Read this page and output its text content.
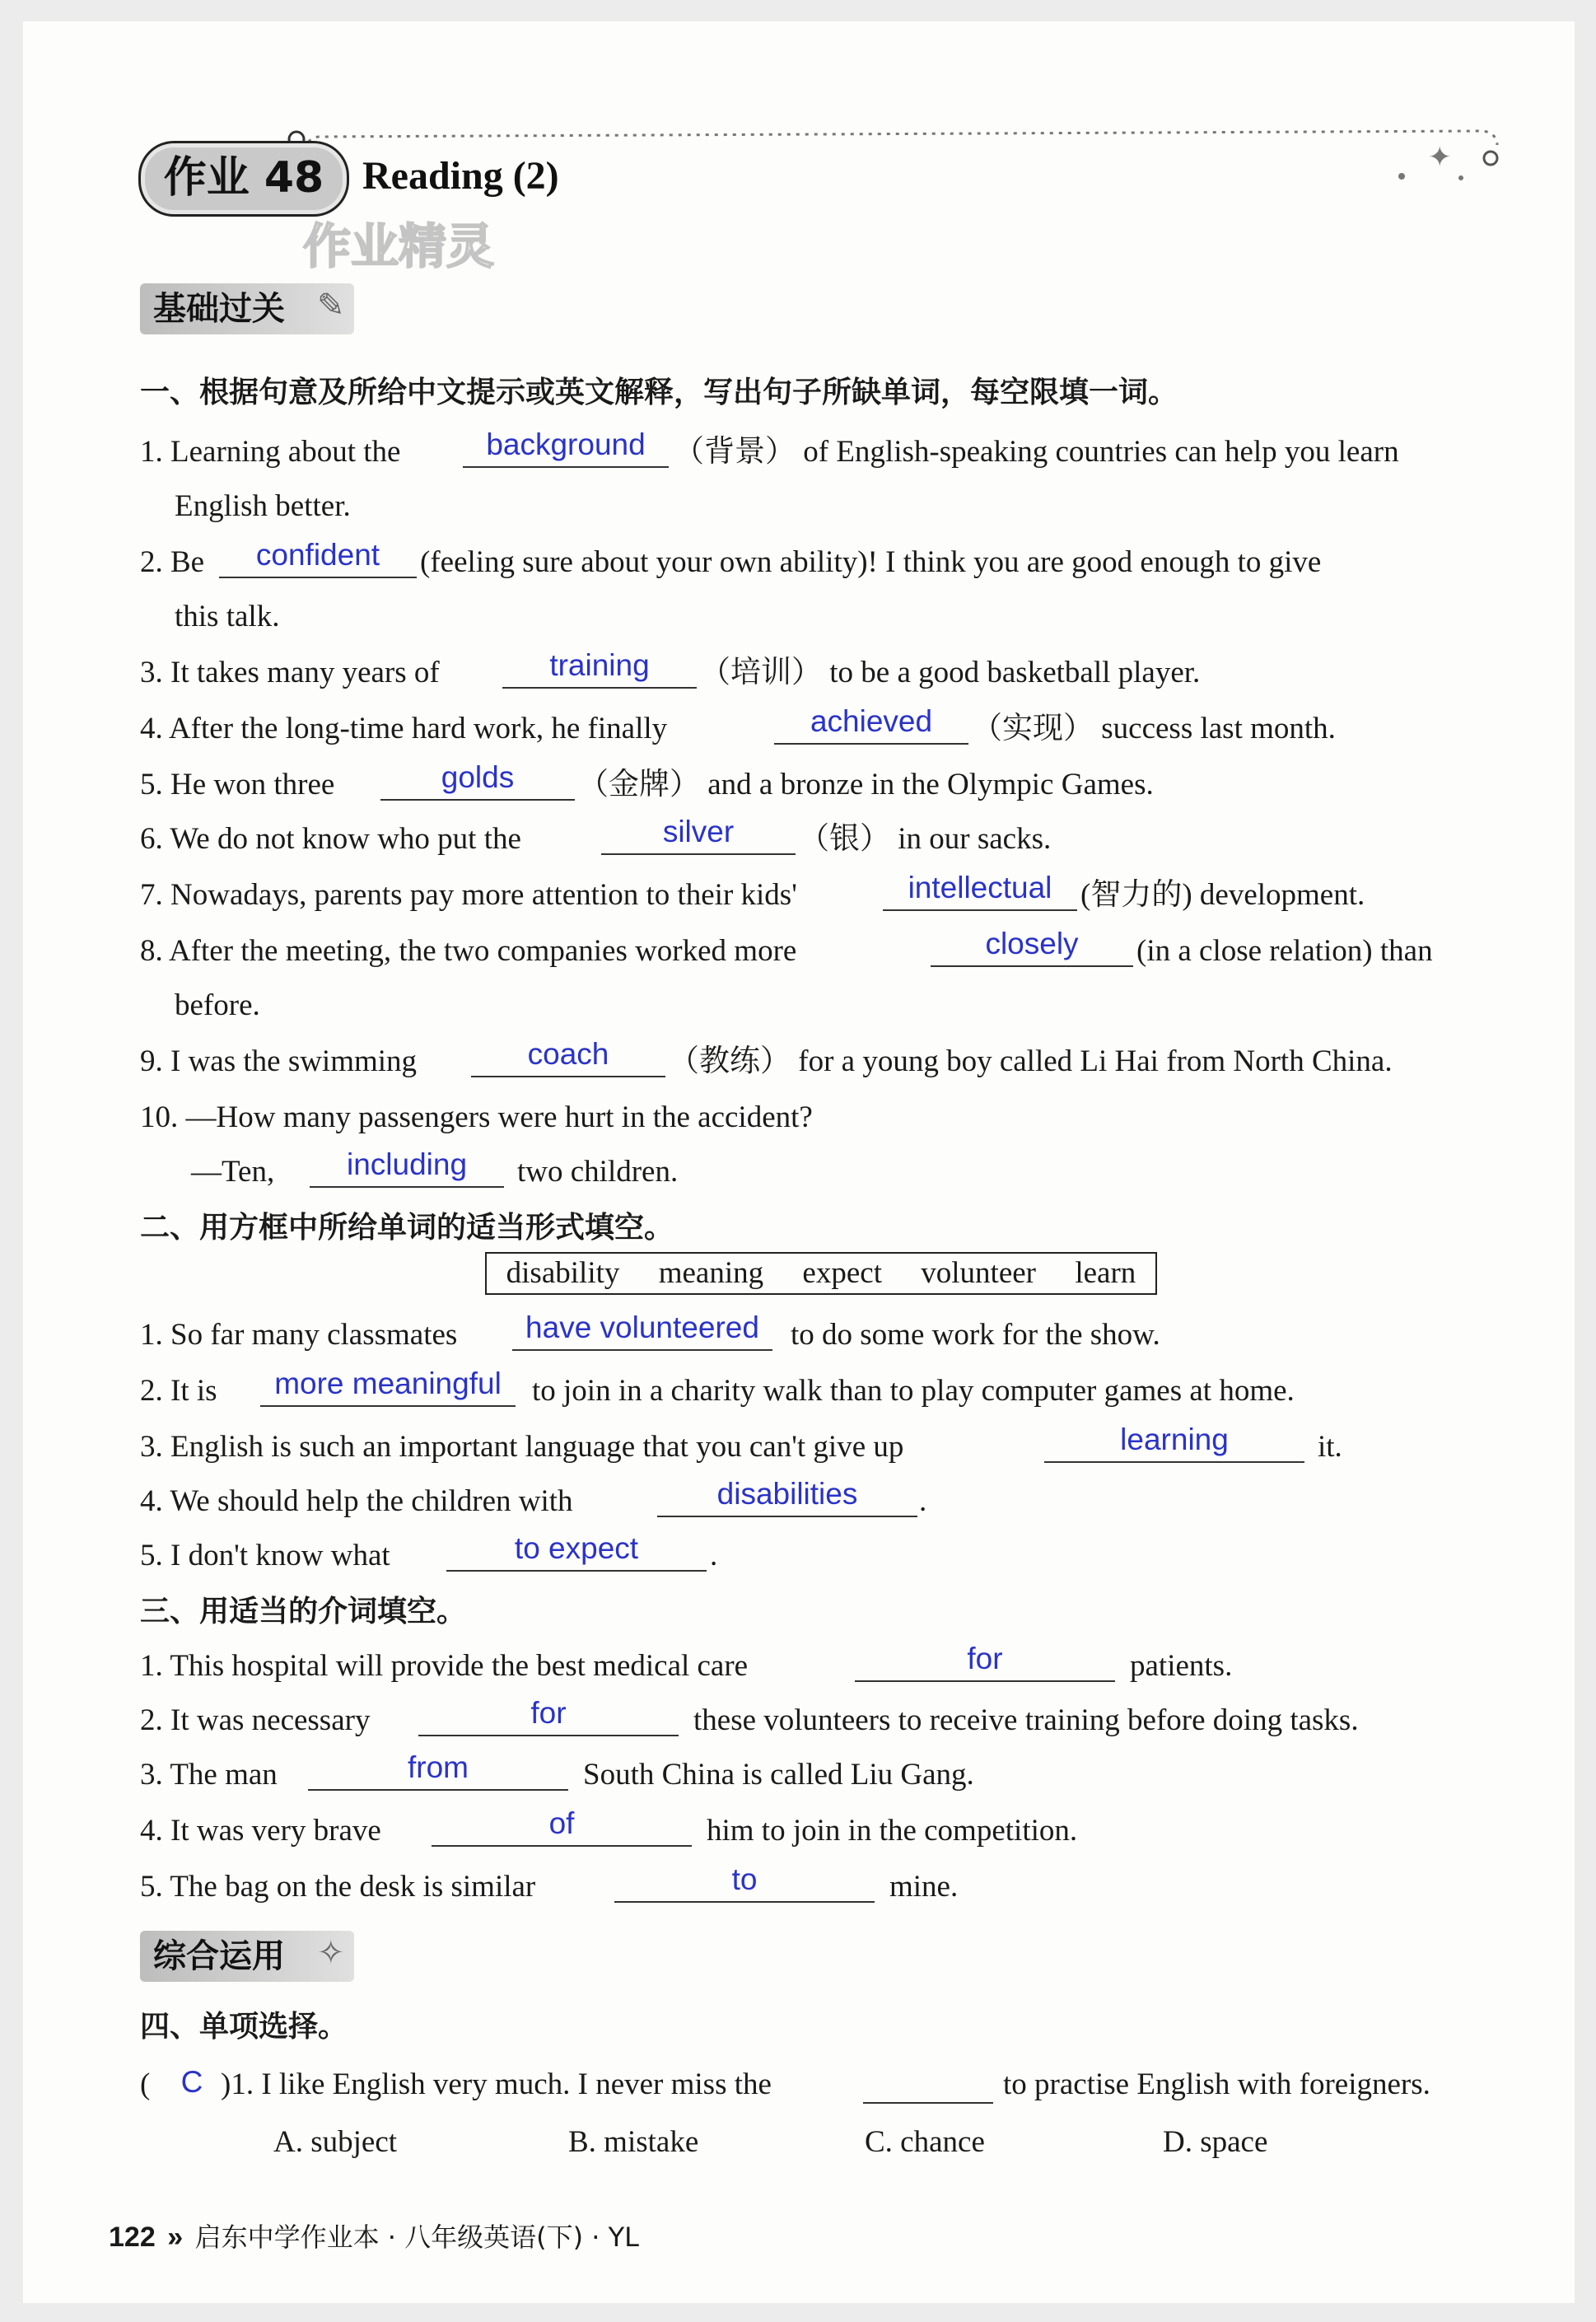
✦
作业 48 Reading (2)
作业精灵
基础过关 ✎
一、根据句意及所给中文提示或英文解释，写出句子所缺单词，每空限填一词。
1. Learning about the	background （背景） of English-speaking countries can help you learn
English better.
2. Be	confident	(feeling sure about your own ability)! I think you are good enough to give
this talk.
3. It takes many years of	training	（培训） to be a good basketball player.
4. After the long-time hard work, he finally	achieved	（实现） success last month.
5. He won three	golds	（金牌） and a bronze in the Olympic Games.
6. We do not know who put the	silver	（银） in our sacks.
7. Nowadays, parents pay more attention to their kids'	intellectual (智力的) development.
8. After the meeting, the two companies worked more	closely	(in a close relation) than
before.
9. I was the swimming	coach	（教练） for a young boy called Li Hai from North China.
10. —How many passengers were hurt in the accident?
—Ten,	including	two children.
二、用方框中所给单词的适当形式填空。
disability meaning expect volunteer learn
1. So far many classmates	have volunteered	to do some work for the show.
2. It is	more meaningful	to join in a charity walk than to play computer games at home.
3. English is such an important language that you can't give up	learning	it.
4. We should help the children with	disabilities	.
5. I don't know what	to expect	.
三、用适当的介词填空。
1. This hospital will provide the best medical care	for	patients.
2. It was necessary	for	these volunteers to receive training before doing tasks.
3. The man	from	South China is called Liu Gang.
4. It was very brave	of	him to join in the competition.
5. The bag on the desk is similar	to	mine.
综合运用 ✧
四、单项选择。
(	C )1. I like English very much. I never miss the	to practise English with foreigners.
A. subject	B. mistake	C. chance	D. space
122 » 启东中学作业本 · 八年级英语(下) · YL
